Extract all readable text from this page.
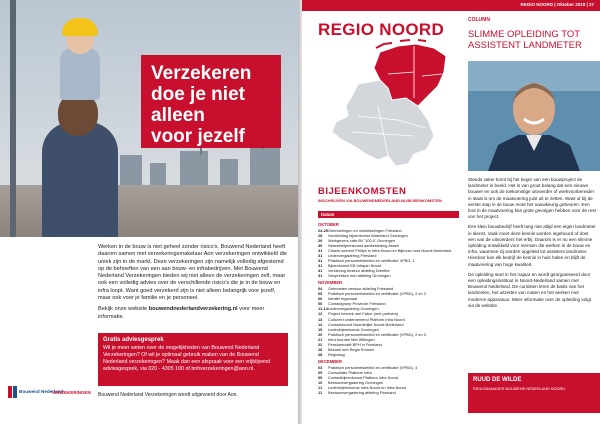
Verzekeren
doe je niet
alleen
voor jezelf

Werken in de bouw is niet geheel zonder risico's. Bouwend Nederland heeft daarom samen met verzekeringsmakelaar Aon verzekeringen ontwikkeld die uniek zijn in de markt. Deze verzekeringen zijn namelijk volledig afgestemd op de behoeften van een aan bouw- en infrabedrijven. Met Bouwend Nederland Verzekeringen bieden wij niet alleen de verzekeringen zelf, maar ook een volledig advies over de verschillende risico's die je in de bouw en infra loopt. Want goed verzekerd zijn is niet alleen belangrijk voor jezelf, maar ook voor je familie en je personeel.

Bekijk onze website bouwendnederlandverzekering.nl voor meer informatie.

Gratis adviesgesprek
Wil je meer weten over de mogelijkheden van Bouwend Nederland Verzekeringen? Of wil je optimaal gebruik maken van de Bouwend Nederland verzekeringen? Maak dan een afspraak voor een vrijblijvend adviesgesprek, via 020 - 4305 100 of bnhverzekeringen@aon.nl.
Bouwend Nederland Verzekeringen wordt uitgevoerd door Aon.
Bouwend Nederland
VERZEKERINGEN
REGIO NOORD | Oktober 2019 | 27
REGIO NOORD
BIJEENKOMSTEN
INSCHRIJVEN VIA BOUWENDNEDERLAND.NL/BIJEENKOMSTEN
Datum
OKTOBER
24-25 Ontmoetingen en ontwikkelingen Friesland
28	Voorlichting bijeenkomst Waterland Groningen
29	Werkgevers cafe BV '100-0' Groningen
30	Netwerkbijeenkomst aanbesteding Assen
31	Cirkels omtrent Philips in Infra Noord en Bijbouw rond Noord-Nederland
31	Ledenvergadering Friesland
31	Praktisch personeelsbeleid en certificatie VPBG, 1
31	Bijeenkomst EB Infrapin Noord
31	Verkiezing bestuur afdeling Drenthe
31	Gesprekken met afdeling Groningen
NOVEMBER
04	Ontmoeten bestuur afdeling Friesland
05	Praktisch personeelsbeleid en certificatie (VPBG), 2 en 3
06	Infrafel regionaal
06	Contactgroep Provincie Friesland
11-14 Ledenvergadering Groningen
12	Project bezoek met Fabor (met partners)
13	Cultureel ondernemend Platform Infra Noord
14	Contactavond Noordelijke Noord-Nederland
19	Ledenbijeenkomst Groningen
20	Praktisch personeelsbeleid en certificatie (VPBG), 2 en 3
21	Infra tournée Met Wiltingen
22	Pensioencafé BPH in Friesland
26	Bezoek met Regio Emmen
28	Regiodag
DECEMBER
03	Praktisch personeelsbeleid en certificatie (VPBG), 4
05	Consultatie Platform infra
09	Contactbijeenkomst Platform Infra Noord
10	Bestuursvergadering Groningen
11	Ledenbijeenkomst Infra Noord en Infra Noord
11	Bestuursvergadering afdeling Friesland
COLUMN
SLIMME OPLEIDING TOT ASSISTENT LANDMETER

Steeds vaker komt bij het begin van een bouwproject de landmeter in beeld. Het is van groot belang dat een nieuwe bouwer en ook de toekomstige uitvoerder of werkvoorbereider in staat is om de maatvoering juist uit te zetten. Want al bij de eerste stap in de bouw moet het nauwkeurig gebeuren. Een fout in de maatvoering kan grote gevolgen hebben voor de rest van het project.

Een klein bouwbedrijf heeft lang niet altijd een eigen landmeter in dienst. Vaak moet deze kennis worden ingehuurd of doet een van de uitvoerders het erbij. Daarom is er nu een slimme opleiding ontwikkeld voor mensen die werken in de bouw en infra, waarmee zij worden opgeleid tot assistent landmeter. Hierdoor kan elk bedrijf de kennis in huis halen en blijft de maatvoering van hoge kwaliteit.

De opleiding start in het najaar en wordt georganiseerd door een opleidingsinstituut in Noord-Nederland samen met Bouwend Nederland. De cursisten leren de basis van het landmeten, het uitzetten van maten en het werken met moderne apparatuur. Meer informatie over de opleiding volgt via de website.

RUUD DE WILDE
REGIOMANAGER BOUWEND NEDERLAND NOORD
